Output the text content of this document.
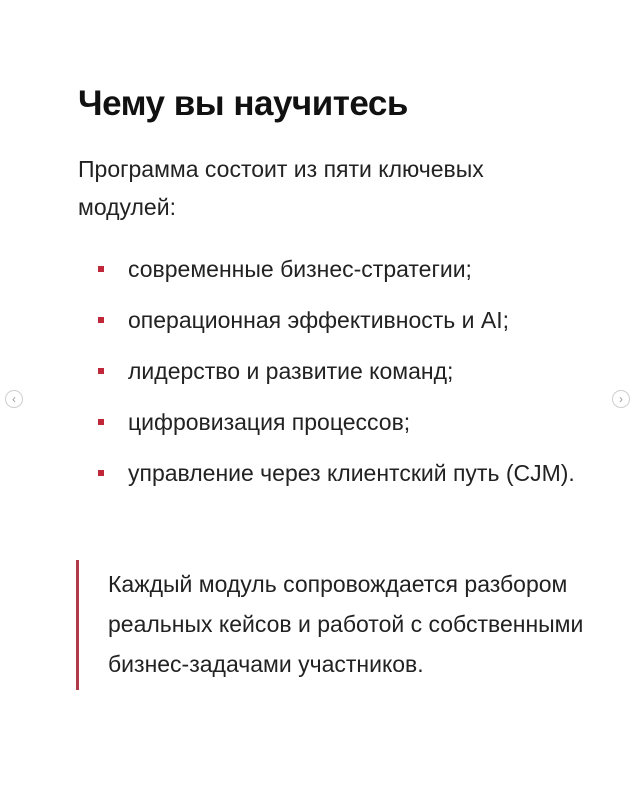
Чему вы научитесь

Программа состоит из пяти ключевых модулей:

современные бизнес-стратегии;
операционная эффективность и AI;
лидерство и развитие команд;
цифровизация процессов;
управление через клиентский путь (CJM).
Каждый модуль сопровождается разбором реальных кейсов и работой с собственными бизнес-задачами участников.
‹	›
